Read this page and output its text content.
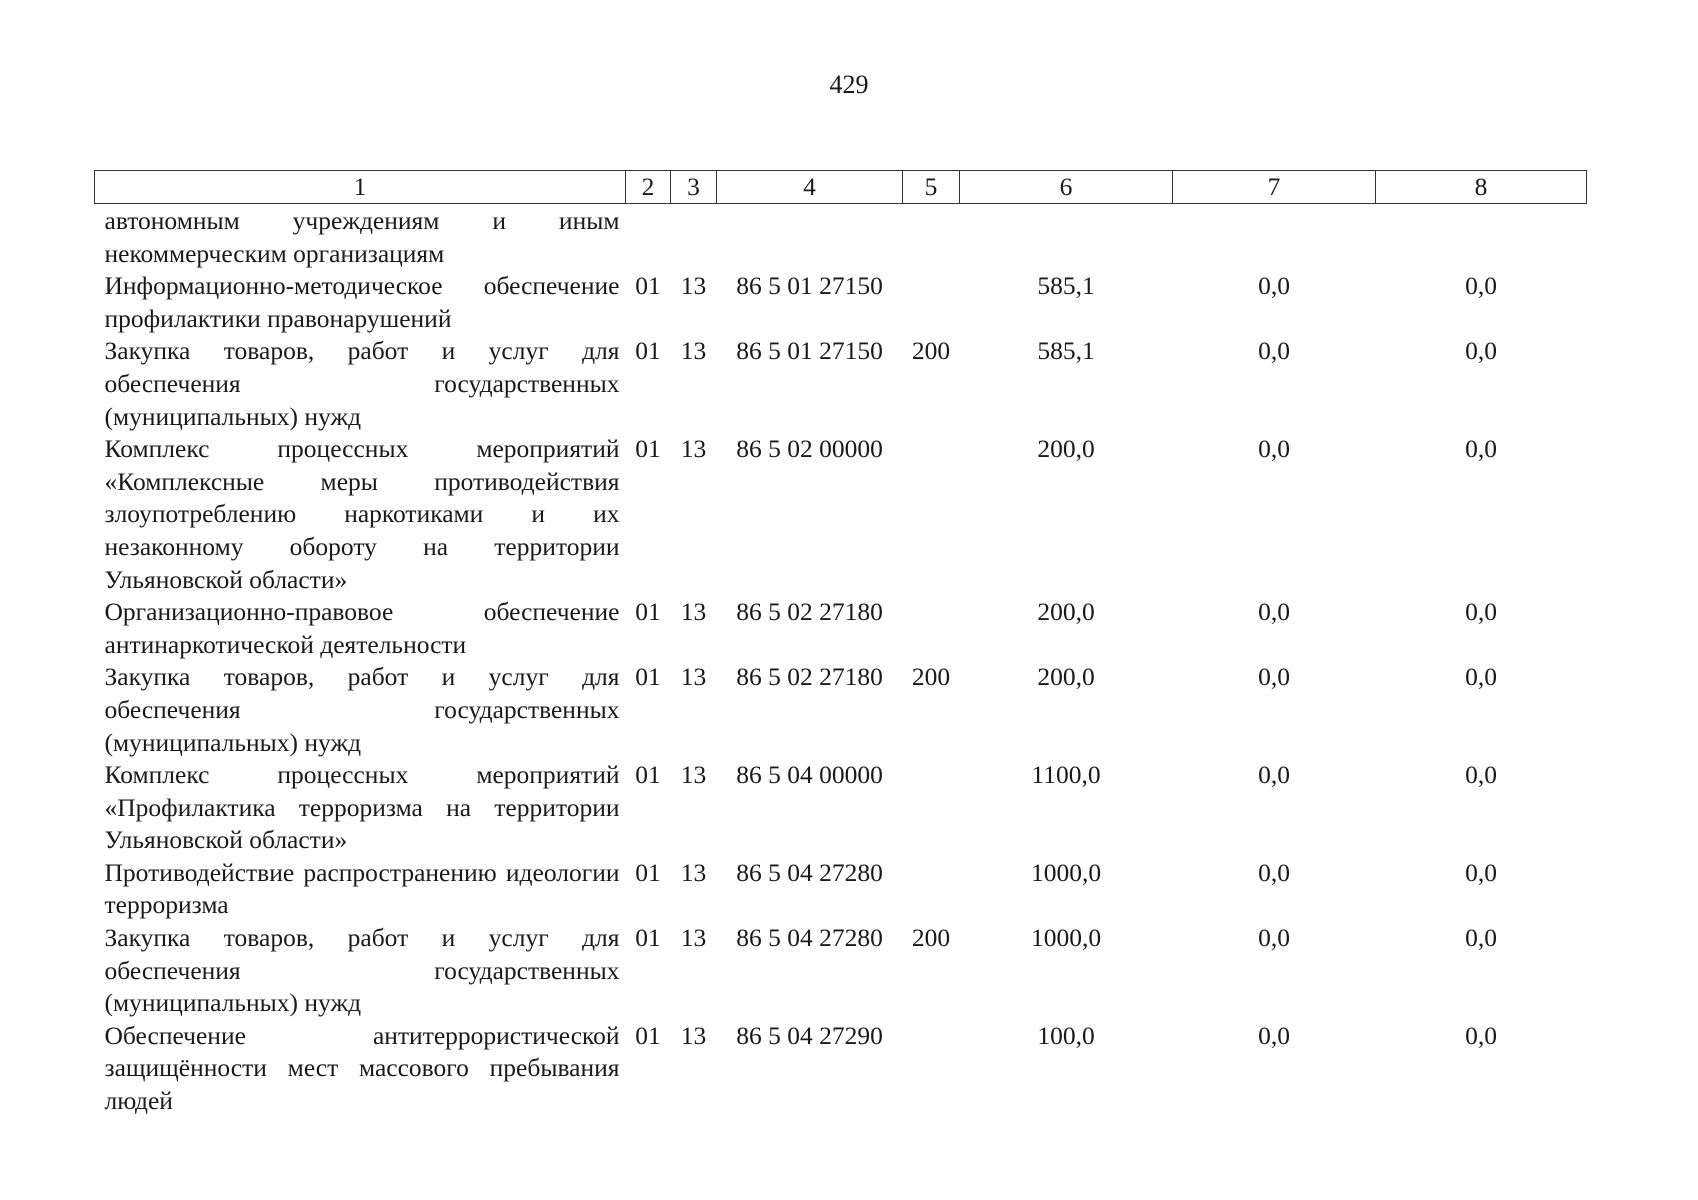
429
1	2	3	4	5	6	7	8
автономным учреждениям и иным некоммерческим организациям							
Информационно-методическое обеспечение профилактики правонарушений	01	13	86 5 01 27150		585,1	0,0	0,0
Закупка товаров, работ и услуг для обеспечения государственных (муниципальных) нужд	01	13	86 5 01 27150	200	585,1	0,0	0,0
Комплекс процессных мероприятий «Комплексные меры противодействия злоупотреблению наркотиками и их незаконному обороту на территории Ульяновской области»	01	13	86 5 02 00000		200,0	0,0	0,0
Организационно-правовое обеспечение антинаркотической деятельности	01	13	86 5 02 27180		200,0	0,0	0,0
Закупка товаров, работ и услуг для обеспечения государственных (муниципальных) нужд	01	13	86 5 02 27180	200	200,0	0,0	0,0
Комплекс процессных мероприятий «Профилактика терроризма на территории Ульяновской области»	01	13	86 5 04 00000		1100,0	0,0	0,0
Противодействие распространению идеологии терроризма	01	13	86 5 04 27280		1000,0	0,0	0,0
Закупка товаров, работ и услуг для обеспечения государственных (муниципальных) нужд	01	13	86 5 04 27280	200	1000,0	0,0	0,0
Обеспечение антитеррористической защищённости мест массового пребывания людей	01	13	86 5 04 27290		100,0	0,0	0,0
